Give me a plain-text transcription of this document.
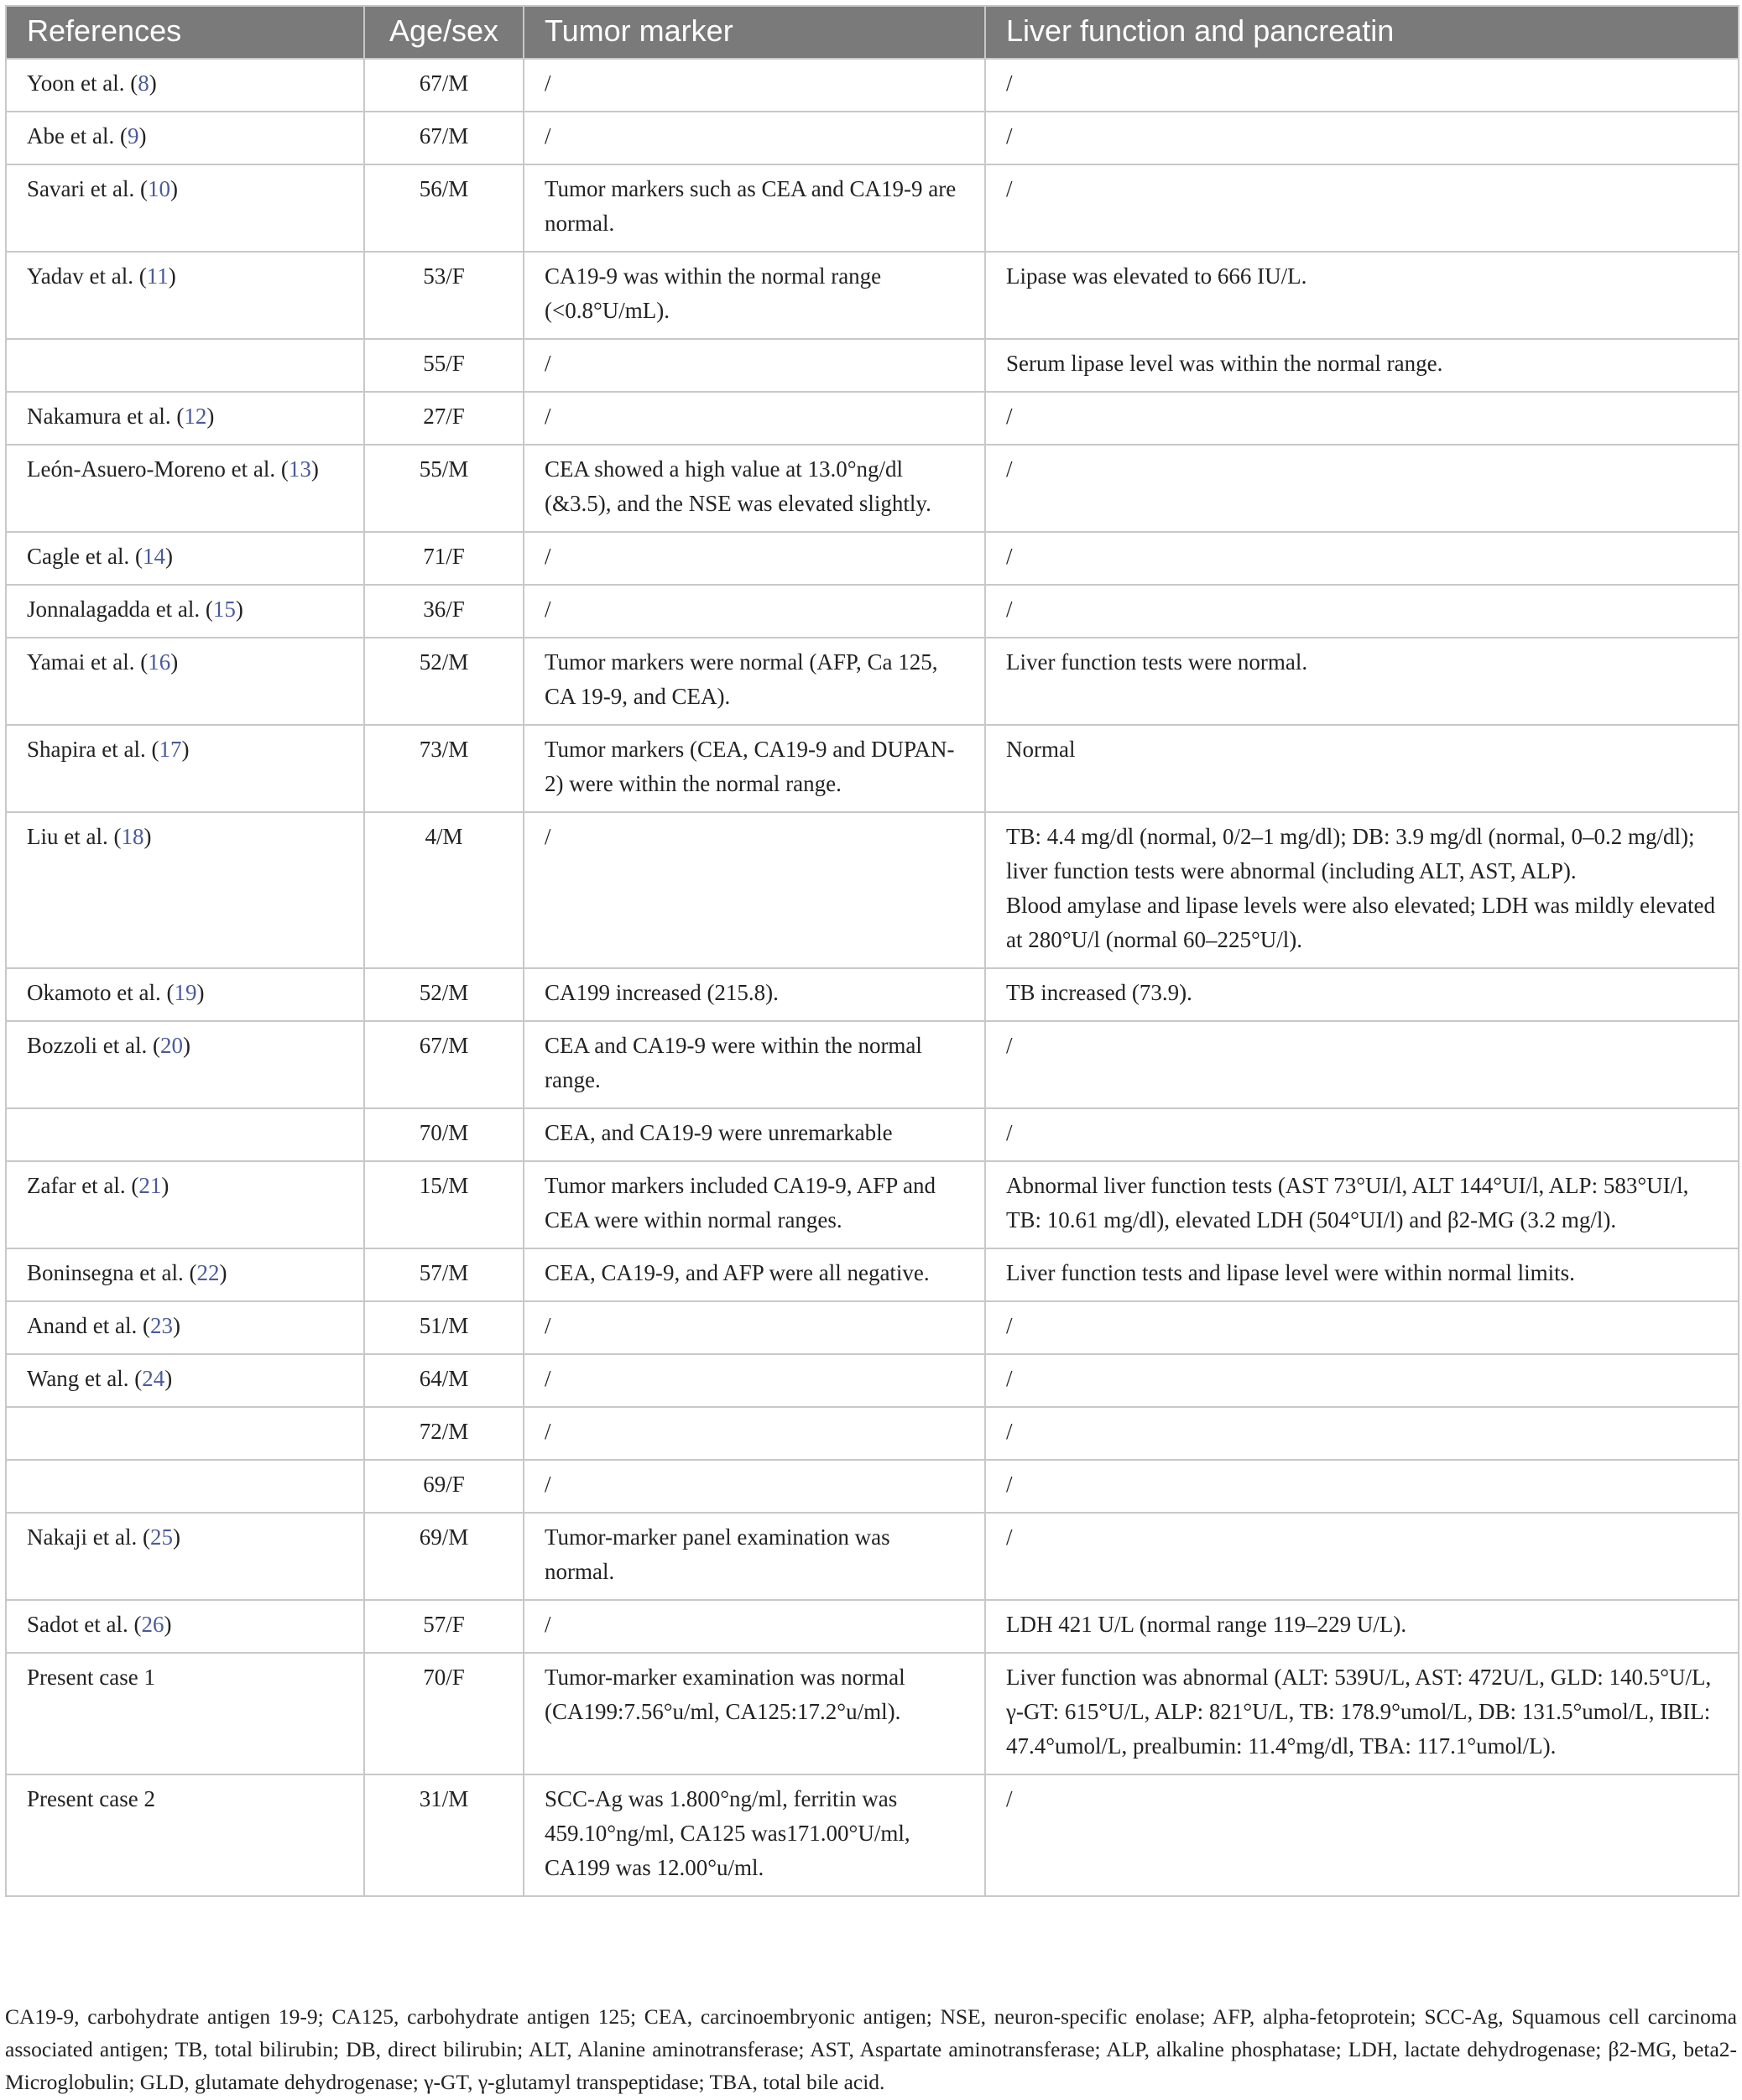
References	Age/sex	Tumor marker	Liver function and pancreatin
Yoon et al. (8)	67/M	/	/
Abe et al. (9)	67/M	/	/
Savari et al. (10)	56/M	Tumor markers such as CEA and CA19-9 are normal.	/
Yadav et al. (11)	53/F	CA19-9 was within the normal range (<0.8°U/mL).	Lipase was elevated to 666 IU/L.
	55/F	/	Serum lipase level was within the normal range.
Nakamura et al. (12)	27/F	/	/
León-Asuero-Moreno et al. (13)	55/M	CEA showed a high value at 13.0°ng/dl (&3.5), and the NSE was elevated slightly.	/
Cagle et al. (14)	71/F	/	/
Jonnalagadda et al. (15)	36/F	/	/
Yamai et al. (16)	52/M	Tumor markers were normal (AFP, Ca 125, CA 19-9, and CEA).	Liver function tests were normal.
Shapira et al. (17)	73/M	Tumor markers (CEA, CA19-9 and DUPAN-2) were within the normal range.	Normal
Liu et al. (18)	4/M	/	TB: 4.4 mg/dl (normal, 0/2–1 mg/dl); DB: 3.9 mg/dl (normal, 0–0.2 mg/dl); liver function tests were abnormal (including ALT, AST, ALP).
Blood amylase and lipase levels were also elevated; LDH was mildly elevated at 280°U/l (normal 60–225°U/l).
Okamoto et al. (19)	52/M	CA199 increased (215.8).	TB increased (73.9).
Bozzoli et al. (20)	67/M	CEA and CA19-9 were within the normal range.	/
	70/M	CEA, and CA19-9 were unremarkable	/
Zafar et al. (21)	15/M	Tumor markers included CA19-9, AFP and CEA were within normal ranges.	Abnormal liver function tests (AST 73°UI/l, ALT 144°UI/l, ALP: 583°UI/l, TB: 10.61 mg/dl), elevated LDH (504°UI/l) and β2-MG (3.2 mg/l).
Boninsegna et al. (22)	57/M	CEA, CA19-9, and AFP were all negative.	Liver function tests and lipase level were within normal limits.
Anand et al. (23)	51/M	/	/
Wang et al. (24)	64/M	/	/
	72/M	/	/
	69/F	/	/
Nakaji et al. (25)	69/M	Tumor-marker panel examination was normal.	/
Sadot et al. (26)	57/F	/	LDH 421 U/L (normal range 119–229 U/L).
Present case 1	70/F	Tumor-marker examination was normal (CA199:7.56°u/ml, CA125:17.2°u/ml).	Liver function was abnormal (ALT: 539U/L, AST: 472U/L, GLD: 140.5°U/L, γ-GT: 615°U/L, ALP: 821°U/L, TB: 178.9°umol/L, DB: 131.5°umol/L, IBIL: 47.4°umol/L, prealbumin: 11.4°mg/dl, TBA: 117.1°umol/L).
Present case 2	31/M	SCC-Ag was 1.800°ng/ml, ferritin was 459.10°ng/ml, CA125 was171.00°U/ml, CA199 was 12.00°u/ml.	/
CA19-9, carbohydrate antigen 19-9; CA125, carbohydrate antigen 125; CEA, carcinoembryonic antigen; NSE, neuron-specific enolase; AFP, alpha-fetoprotein; SCC-Ag, Squamous cell carcinoma associated antigen; TB, total bilirubin; DB, direct bilirubin; ALT, Alanine aminotransferase; AST, Aspartate aminotransferase; ALP, alkaline phosphatase; LDH, lactate dehydrogenase; β2-MG, beta2- Microglobulin; GLD, glutamate dehydrogenase; γ-GT, γ-glutamyl transpeptidase; TBA, total bile acid.
